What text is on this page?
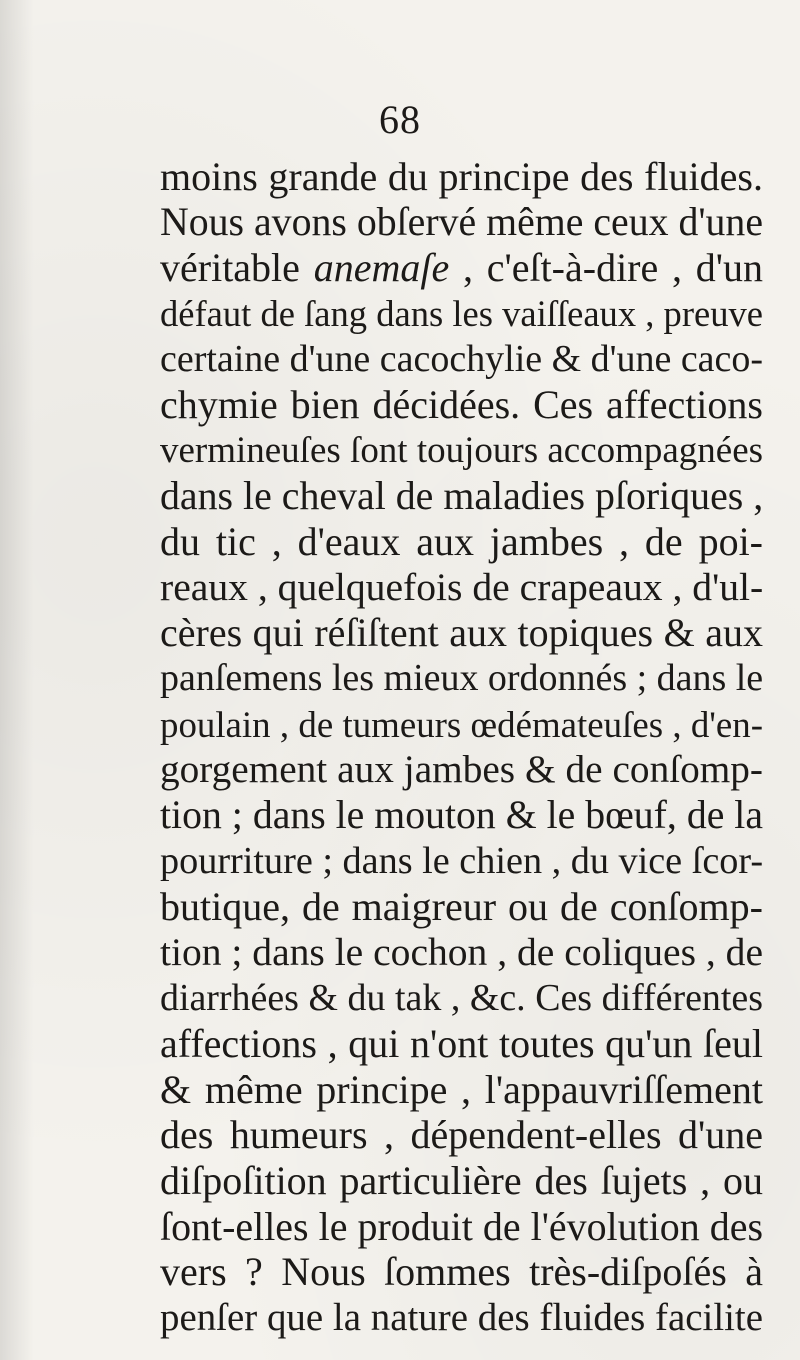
68
moins grande du principe des fluides.
Nous avons obſervé même ceux d'une
véritable anemaſe , c'eſt-à-dire , d'un
défaut de ſang dans les vaiſſeaux , preuve
certaine d'une cacochylie & d'une caco-
chymie bien décidées. Ces affections
vermineuſes ſont toujours accompagnées
dans le cheval de maladies pſoriques ,
du tic , d'eaux aux jambes , de poi-
reaux , quelquefois de crapeaux , d'ul-
cères qui réſiſtent aux topiques & aux
panſemens les mieux ordonnés ; dans le
poulain , de tumeurs œdémateuſes , d'en-
gorgement aux jambes & de conſomp-
tion ; dans le mouton & le bœuf, de la
pourriture ; dans le chien , du vice ſcor-
butique, de maigreur ou de conſomp-
tion ; dans le cochon , de coliques , de
diarrhées & du tak , &c. Ces différentes
affections , qui n'ont toutes qu'un ſeul
& même principe , l'appauvriſſement
des humeurs , dépendent-elles d'une
diſpoſition particulière des ſujets , ou
ſont-elles le produit de l'évolution des
vers ? Nous ſommes très-diſpoſés à
penſer que la nature des fluides facilite
